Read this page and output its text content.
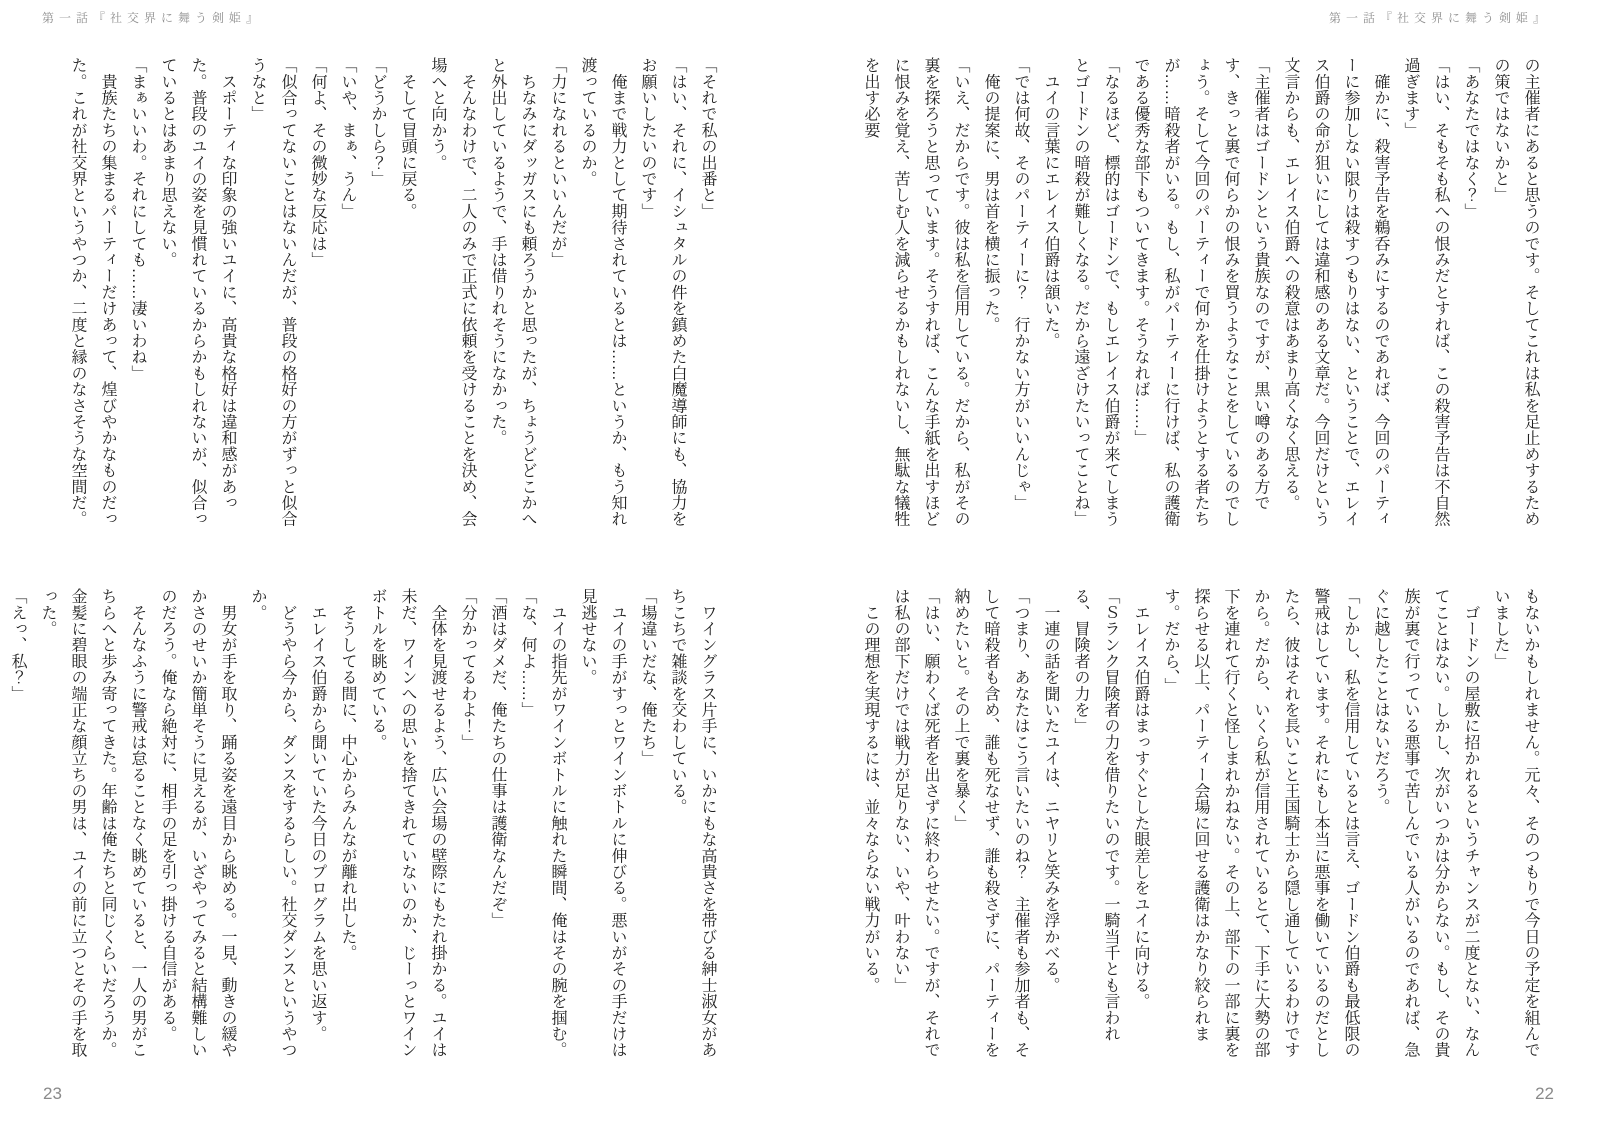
第一話『社交界に舞う剣姫』

の主催者にあると思うのです。そしてこれは私を足止めするための策ではないかと」

「あなたではなく？」

「はい、そもそも私への恨みだとすれば、この殺害予告は不自然過ぎます」

　確かに、殺害予告を鵜呑みにするのであれば、今回のパーティーに参加しない限りは殺すつもりはない、ということで、エレイス伯爵の命が狙いにしては違和感のある文章だ。今回だけという文言からも、エレイス伯爵への殺意はあまり高くなく思える。

「主催者はゴードンという貴族なのですが、黒い噂のある方です、きっと裏で何らかの恨みを買うようなことをしているのでしょう。そして今回のパーティーで何かを仕掛けようとする者たちが……暗殺者がいる。もし、私がパーティーに行けば、私の護衛である優秀な部下もついてきます。そうなれば……」

「なるほど、標的はゴードンで、もしエレイス伯爵が来てしまうとゴードンの暗殺が難しくなる。だから遠ざけたいってことね」

　ユイの言葉にエレイス伯爵は頷いた。

「では何故、そのパーティーに？　行かない方がいいんじゃ」

　俺の提案に、男は首を横に振った。

「いえ、だからです。彼は私を信用している。だから、私がその裏を探ろうと思っています。そうすれば、こんな手紙を出すほどに恨みを覚え、苦しむ人を減らせるかもしれないし、無駄な犠牲を出す必要

もないかもしれません。元々、そのつもりで今日の予定を組んでいました」

　ゴードンの屋敷に招かれるというチャンスが二度とない、なんてことはない。しかし、次がいつかは分からない。もし、その貴族が裏で行っている悪事で苦しんでいる人がいるのであれば、急ぐに越したことはないだろう。

「しかし、私を信用しているとは言え、ゴードン伯爵も最低限の警戒はしています。それにもし本当に悪事を働いているのだとしたら、彼はそれを長いこと王国騎士から隠し通しているわけですから。だから、いくら私が信用されているとて、下手に大勢の部下を連れて行くと怪しまれかねない。その上、部下の一部に裏を探らせる以上、パーティー会場に回せる護衛はかなり絞られます。だから、」

　エレイス伯爵はまっすぐとした眼差しをユイに向ける。

「Ｓランク冒険者の力を借りたいのです。一騎当千とも言われる、冒険者の力を」

　一連の話を聞いたユイは、ニヤリと笑みを浮かべる。

「つまり、あなたはこう言いたいのね？　主催者も参加者も、そして暗殺者も含め、誰も死なせず、誰も殺さずに、パーティーを納めたいと。その上で裏を暴く」

「はい、願わくば死者を出さずに終わらせたい。ですが、それでは私の部下だけでは戦力が足りない、いや、叶わない」

　この理想を実現するには、並々ならない戦力がいる。

22
第一話『社交界に舞う剣姫』

「それで私の出番と」

「はい、それに、イシュタルの件を鎮めた白魔導師にも、協力をお願いしたいのです」

　俺まで戦力として期待されているとは……というか、もう知れ渡っているのか。

「力になれるといいんだが」

　ちなみにダッガスにも頼ろうかと思ったが、ちょうどどこかへと外出しているようで、手は借りれそうになかった。

　そんなわけで、二人のみで正式に依頼を受けることを決め、会場へと向かう。

　そして冒頭に戻る。

「どうかしら？」

「いや、まぁ、うん」

「何よ、その微妙な反応は」

「似合ってないことはないんだが、普段の格好の方がずっと似合うなと」

　スポーティな印象の強いユイに、高貴な格好は違和感があった。普段のユイの姿を見慣れているからかもしれないが、似合っているとはあまり思えない。

「まぁいいわ。それにしても……凄いわね」

　貴族たちの集まるパーティーだけあって、煌びやかなものだった。これが社交界というやつか、二度と縁のなさそうな空間だ。

　ワイングラス片手に、いかにもな高貴さを帯びる紳士淑女があちこちで雑談を交わしている。

「場違いだな、俺たち」

　ユイの手がすっとワインボトルに伸びる。悪いがその手だけは見逃せない。

　ユイの指先がワインボトルに触れた瞬間、俺はその腕を掴む。

「な、何よ……」

「酒はダメだ、俺たちの仕事は護衛なんだぞ」

「分かってるわよ！」

　全体を見渡せるよう、広い会場の壁際にもたれ掛かる。ユイは未だ、ワインへの思いを捨てきれていないのか、じーっとワインボトルを眺めている。

　そうしてる間に、中心からみんなが離れ出した。

　エレイス伯爵から聞いていた今日のプログラムを思い返す。

　どうやら今から、ダンスをするらしい。社交ダンスというやつか。

　男女が手を取り、踊る姿を遠目から眺める。一見、動きの緩やかさのせいか簡単そうに見えるが、いざやってみると結構難しいのだろう。俺なら絶対に、相手の足を引っ掛ける自信がある。

　そんなふうに警戒は怠ることなく眺めていると、一人の男がこちらへと歩み寄ってきた。年齢は俺たちと同じくらいだろうか。金髪に碧眼の端正な顔立ちの男は、ユイの前に立つとその手を取った。

「えっ、私？」

23
